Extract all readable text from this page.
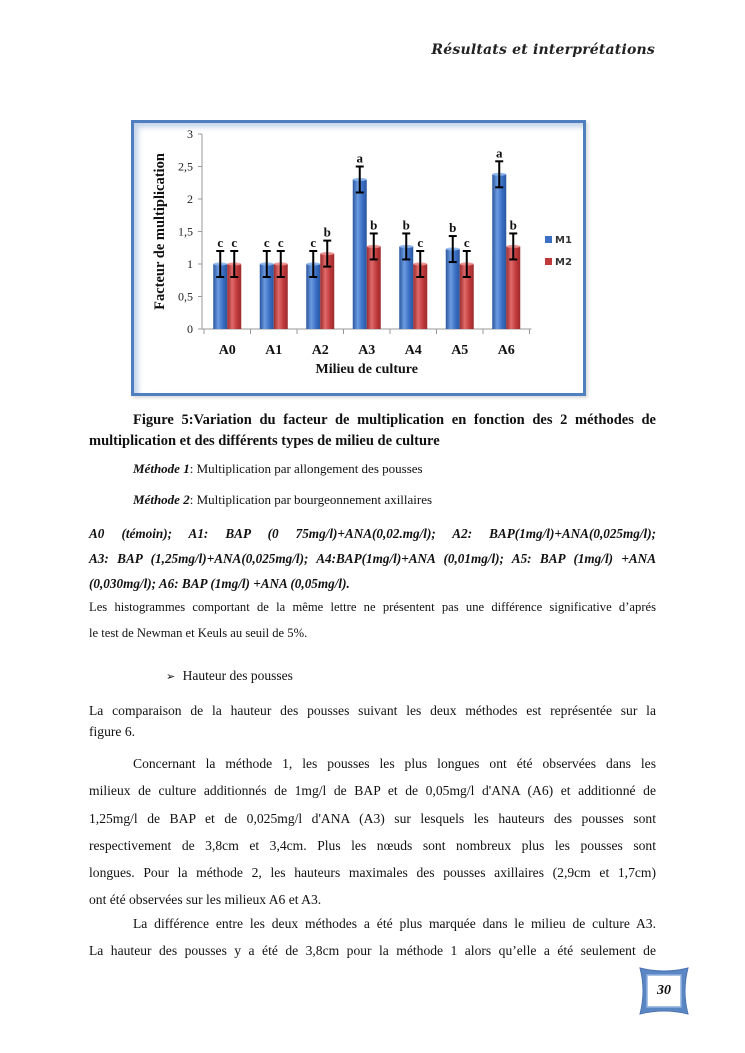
Résultats et interprétations
0
0,5
1
1,5
2
2,5
3
A0 A1 A2 A3 A4 A5 A6
c	c	c
a
b	b
a
c	c
b	b
c	c
b
Milieu de culture
Facteur de multiplication	M1
M2
Figure 5:Variation du facteur de multiplication en fonction des 2 méthodes de multiplication et des différents types de milieu de culture
Méthode 1: Multiplication par allongement des pousses
Méthode 2: Multiplication par bourgeonnement axillaires
A0 (témoin); A1: BAP (0 75mg/l)+ANA(0,02.mg/l); A2: BAP(1mg/l)+ANA(0,025mg/l);
A3: BAP (1,25mg/l)+ANA(0,025mg/l); A4:BAP(1mg/l)+ANA (0,01mg/l); A5: BAP (1mg/l) +ANA
(0,030mg/l); A6: BAP (1mg/l) +ANA (0,05mg/l).
Les histogrammes comportant de la même lettre ne présentent pas une différence significative d’aprés
le test de Newman et Keuls au seuil de 5%.
➢ Hauteur des pousses
La comparaison de la hauteur des pousses suivant les deux méthodes est représentée sur la
figure 6.
Concernant la méthode 1, les pousses les plus longues ont été observées dans les
milieux de culture additionnés de 1mg/l de BAP et de 0,05mg/l d'ANA (A6) et additionné de
1,25mg/l de BAP et de 0,025mg/l d'ANA (A3) sur lesquels les hauteurs des pousses sont
respectivement de 3,8cm et 3,4cm. Plus les nœuds sont nombreux plus les pousses sont
longues. Pour la méthode 2, les hauteurs maximales des pousses axillaires (2,9cm et 1,7cm)
ont été observées sur les milieux A6 et A3.
La différence entre les deux méthodes a été plus marquée dans le milieu de culture A3.
La hauteur des pousses y a été de 3,8cm pour la méthode 1 alors qu’elle a été seulement de
30
